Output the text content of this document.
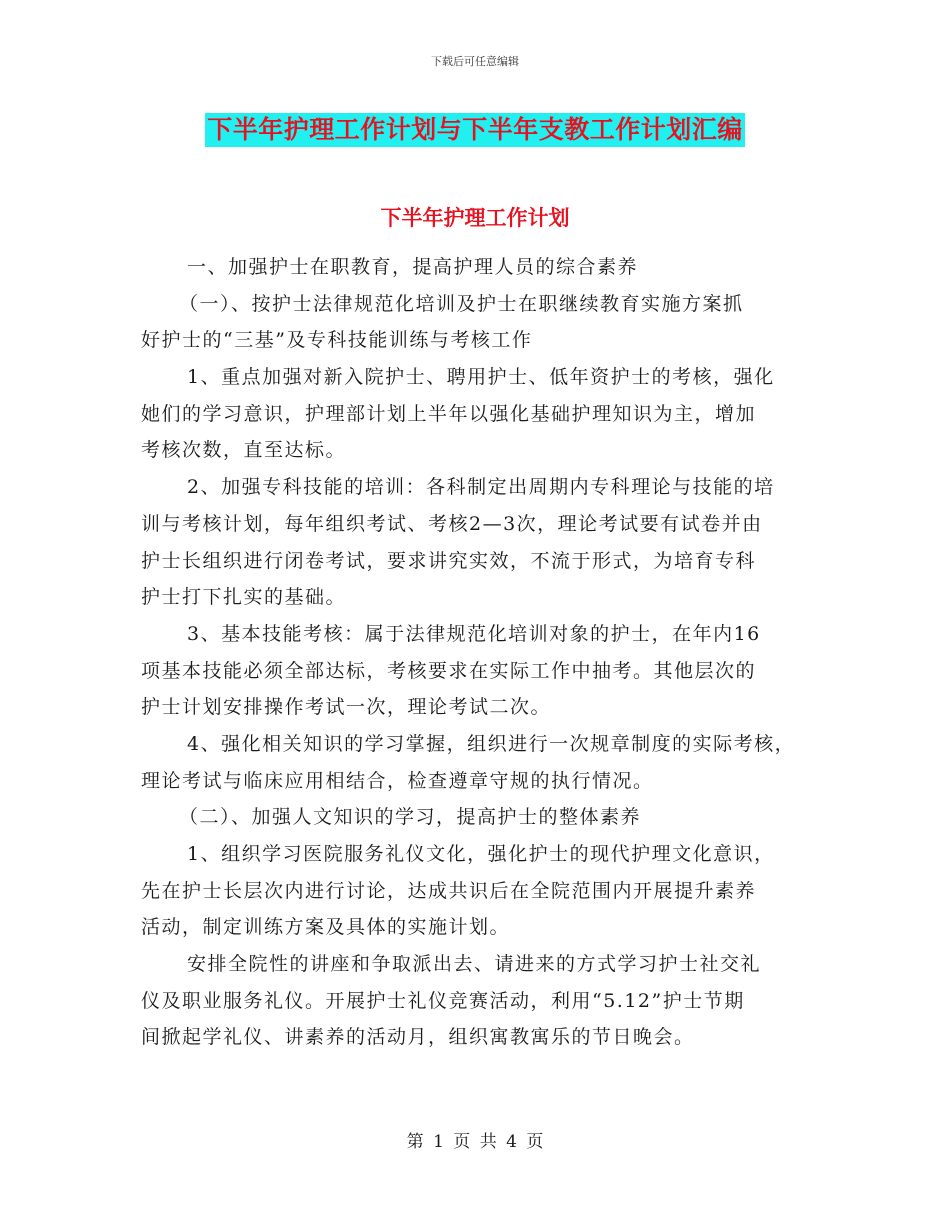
下载后可任意编辑
下半年护理工作计划与下半年支教工作计划汇编
下半年护理工作计划
一、加强护士在职教育，提高护理人员的综合素养
（一）、按护士法律规范化培训及护士在职继续教育实施方案抓
好护士的“三基”及专科技能训练与考核工作
1、重点加强对新入院护士、聘用护士、低年资护士的考核，强化
她们的学习意识，护理部计划上半年以强化基础护理知识为主，增加
考核次数，直至达标。
2、加强专科技能的培训：各科制定出周期内专科理论与技能的培
训与考核计划，每年组织考试、考核2—3次，理论考试要有试卷并由
护士长组织进行闭卷考试，要求讲究实效，不流于形式，为培育专科
护士打下扎实的基础。
3、基本技能考核：属于法律规范化培训对象的护士，在年内16
项基本技能必须全部达标，考核要求在实际工作中抽考。其他层次的
护士计划安排操作考试一次，理论考试二次。
4、强化相关知识的学习掌握，组织进行一次规章制度的实际考核，
理论考试与临床应用相结合，检查遵章守规的执行情况。
（二）、加强人文知识的学习，提高护士的整体素养
1、组织学习医院服务礼仪文化，强化护士的现代护理文化意识，
先在护士长层次内进行讨论，达成共识后在全院范围内开展提升素养
活动，制定训练方案及具体的实施计划。
安排全院性的讲座和争取派出去、请进来的方式学习护士社交礼
仪及职业服务礼仪。开展护士礼仪竞赛活动，利用“5.12”护士节期
间掀起学礼仪、讲素养的活动月，组织寓教寓乐的节日晚会。
第 1 页 共 4 页
